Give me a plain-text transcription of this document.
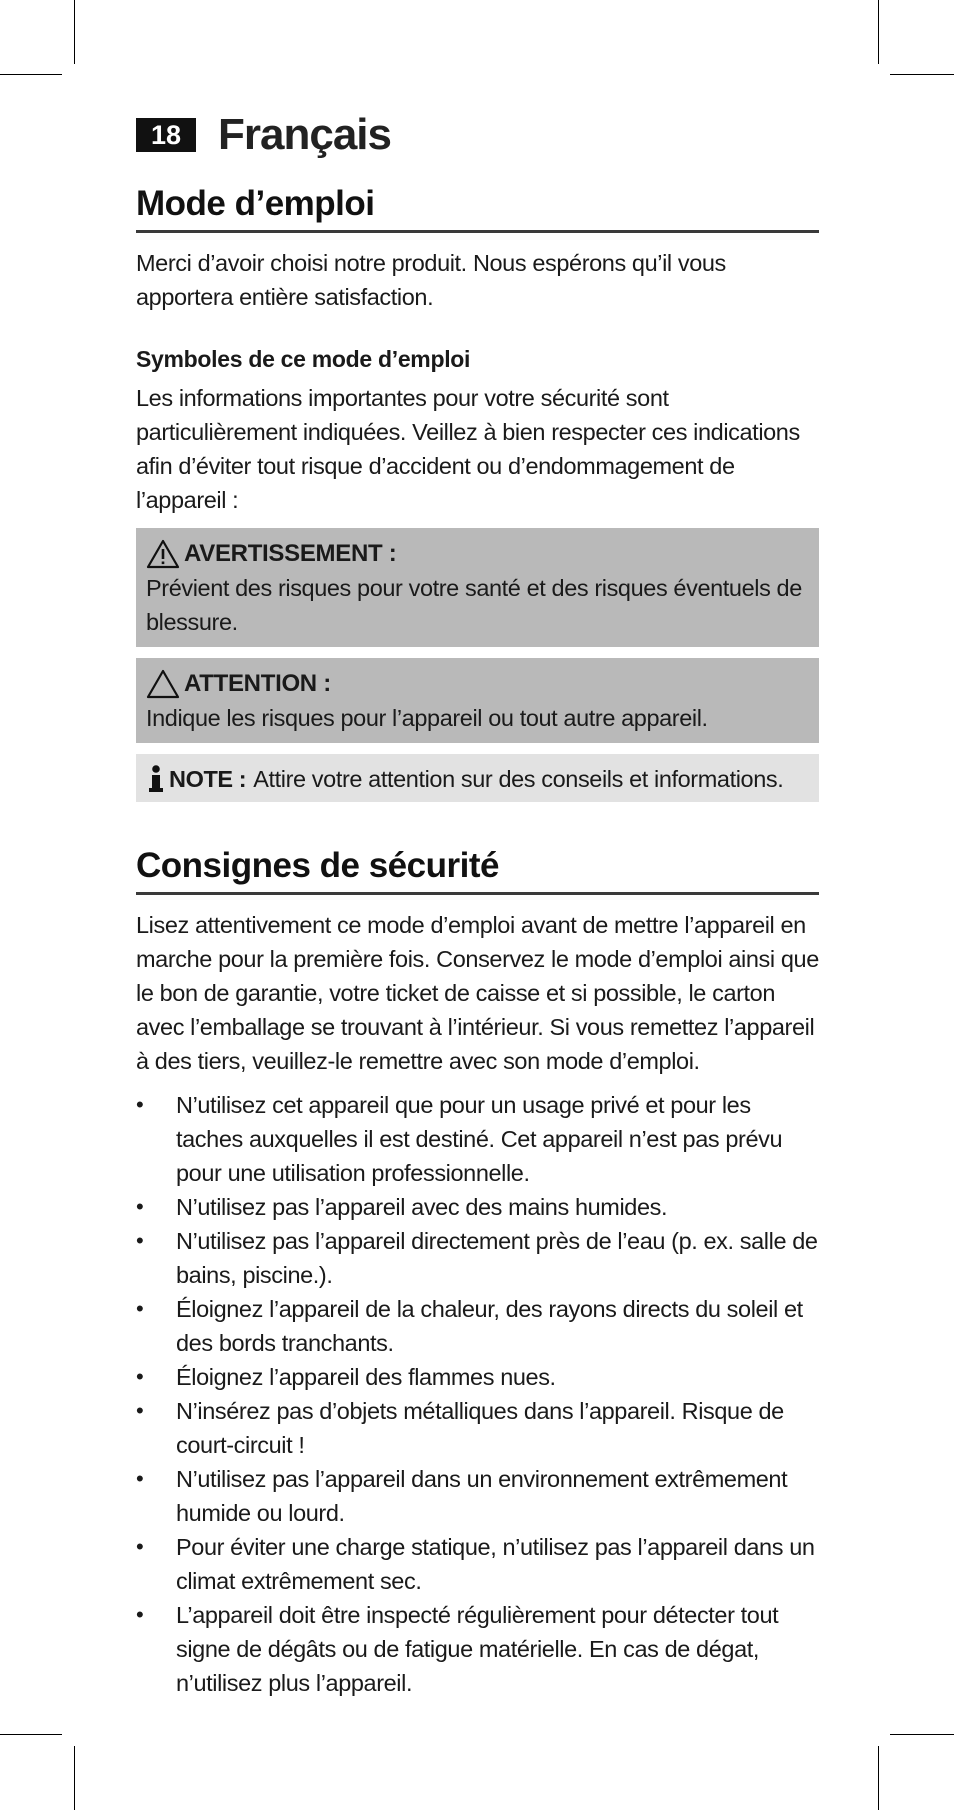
18 Français
Mode d’emploi

Merci d’avoir choisi notre produit. Nous espérons qu’il vous apportera entière satisfaction.

Symboles de ce mode d’emploi

Les informations importantes pour votre sécurité sont particulièrement indiquées. Veillez à bien respecter ces indications afin d’éviter tout risque d’accident ou d’endommagement de l’appareil :

AVERTISSEMENT :

Prévient des risques pour votre santé et des risques éventuels de blessure.

ATTENTION :

Indique les risques pour l’appareil ou tout autre appareil.

NOTE : Attire votre attention sur des conseils et informations.
Consignes de sécurité

Lisez attentivement ce mode d’emploi avant de mettre l’appareil en marche pour la première fois. Conservez le mode d’emploi ainsi que le bon de garantie, votre ticket de caisse et si possible, le carton avec l’emballage se trouvant à l’intérieur. Si vous remettez l’appareil à des tiers, veuillez-le remettre avec son mode d’emploi.

•	N’utilisez cet appareil que pour un usage privé et pour les taches auxquelles il est destiné. Cet appareil n’est pas prévu pour une utilisation professionnelle.
•	N’utilisez pas l’appareil avec des mains humides.
•	N’utilisez pas l’appareil directement près de l’eau (p. ex. salle de bains, piscine.).
•	Éloignez l’appareil de la chaleur, des rayons directs du soleil et des bords tranchants.
•	Éloignez l’appareil des flammes nues.
•	N’insérez pas d’objets métalliques dans l’appareil. Risque de court-circuit !
•	N’utilisez pas l’appareil dans un environnement extrêmement humide ou lourd.
•	Pour éviter une charge statique, n’utilisez pas l’appareil dans un climat extrêmement sec.
•	L’appareil doit être inspecté régulièrement pour détecter tout signe de dégâts ou de fatigue matérielle. En cas de dégat, n’utilisez plus l’appareil.
